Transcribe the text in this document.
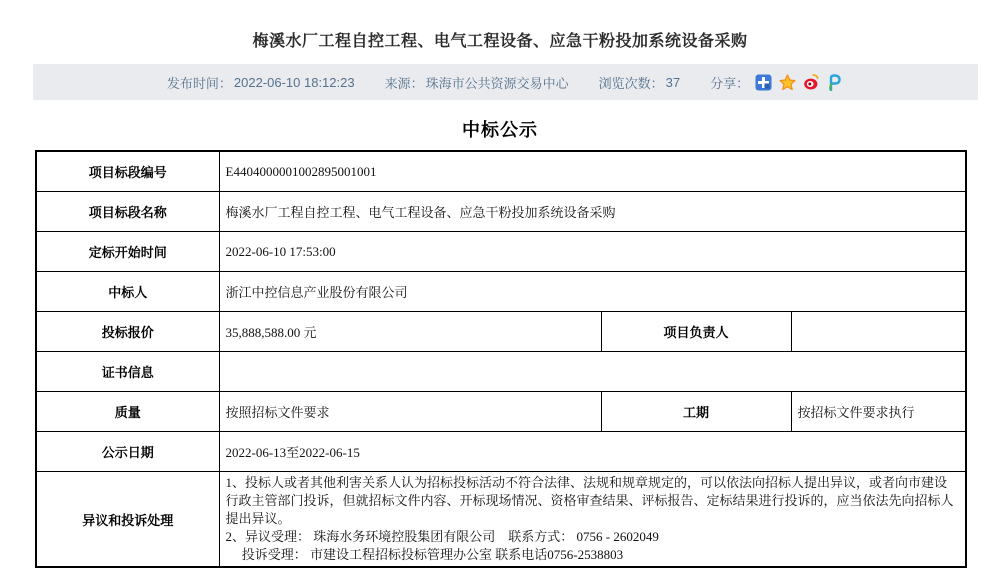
梅溪水厂工程自控工程、电气工程设备、应急干粉投加系统设备采购
发布时间： 2022-06-10 18:12:23 来源： 珠海市公共资源交易中心 浏览次数： 37 分享：
中标公示
项目标段编号	E4404000001002895001001		
项目标段名称	梅溪水厂工程自控工程、电气工程设备、应急干粉投加系统设备采购		
定标开始时间	2022-06-10 17:53:00		
中标人	浙江中控信息产业股份有限公司		
投标报价	35,888,588.00 元	项目负责人	
证书信息			
质量	按照招标文件要求	工期	按招标文件要求执行
公示日期	2022-06-13至2022-06-15		
异议和投诉处理	1、投标人或者其他利害关系人认为招标投标活动不符合法律、法规和规章规定的，可以依法向招标人提出异议，或者向市建设行政主管部门投诉，但就招标文件内容、开标现场情况、资格审查结果、评标报告、定标结果进行投诉的，应当依法先向招标人提出异议。
2、异议受理： 珠海水务环境控股集团有限公司　联系方式： 0756 - 2602049
　 投诉受理： 市建设工程招标投标管理办公室 联系电话0756-2538803		
